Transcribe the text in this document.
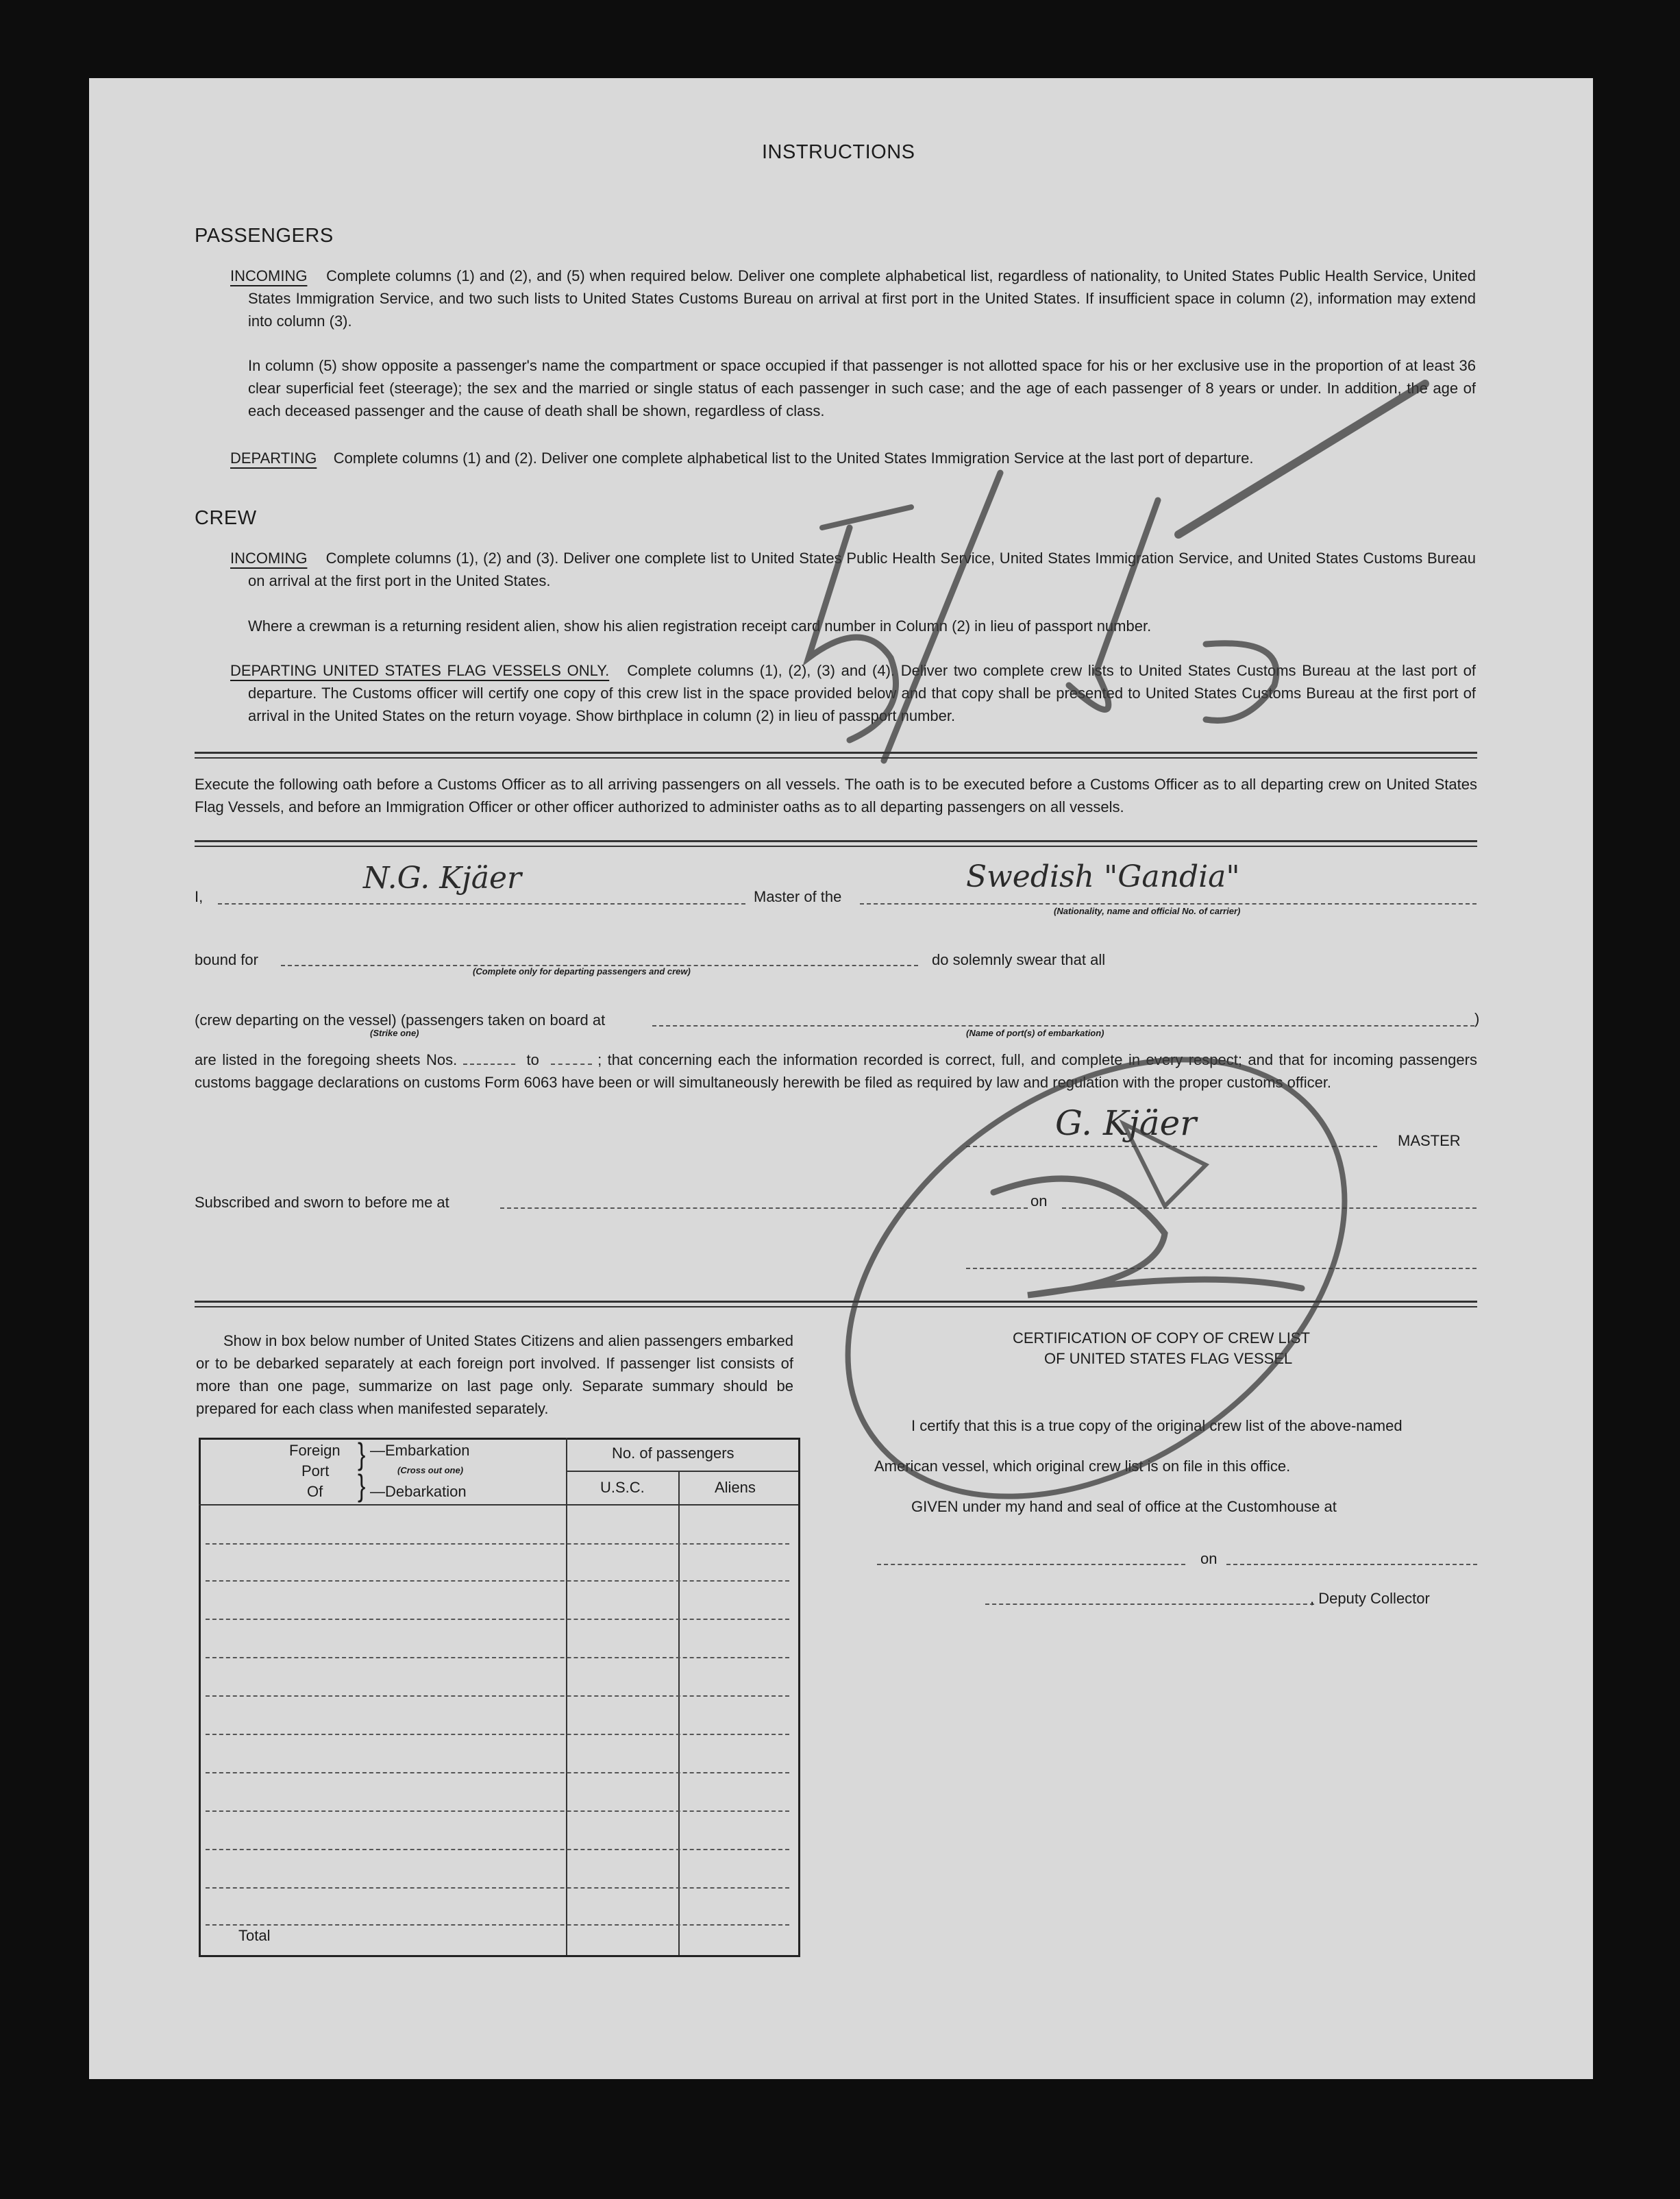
INSTRUCTIONS
PASSENGERS
INCOMING Complete columns (1) and (2), and (5) when required below. Deliver one complete alphabetical list, regardless of nationality, to United States Public Health Service, United States Immigration Service, and two such lists to United States Customs Bureau on arrival at first port in the United States. If insufficient space in column (2), information may extend into column (3).
In column (5) show opposite a passenger's name the compartment or space occupied if that passenger is not allotted space for his or her exclusive use in the proportion of at least 36 clear superficial feet (steerage); the sex and the married or single status of each passenger in such case; and the age of each passenger of 8 years or under. In addition, the age of each deceased passenger and the cause of death shall be shown, regardless of class.
DEPARTING Complete columns (1) and (2). Deliver one complete alphabetical list to the United States Immigration Service at the last port of departure.
CREW
INCOMING Complete columns (1), (2) and (3). Deliver one complete list to United States Public Health Service, United States Immigration Service, and United States Customs Bureau on arrival at the first port in the United States.
Where a crewman is a returning resident alien, show his alien registration receipt card number in Column (2) in lieu of passport number.
DEPARTING UNITED STATES FLAG VESSELS ONLY. Complete columns (1), (2), (3) and (4). Deliver two complete crew lists to United States Customs Bureau at the last port of departure. The Customs officer will certify one copy of this crew list in the space provided below and that copy shall be presented to United States Customs Bureau at the first port of arrival in the United States on the return voyage. Show birthplace in column (2) in lieu of passport number.
Execute the following oath before a Customs Officer as to all arriving passengers on all vessels. The oath is to be executed before a Customs Officer as to all departing crew on United States Flag Vessels, and before an Immigration Officer or other officer authorized to administer oaths as to all departing passengers on all vessels.
I,
N.G. Kjäer
Master of the
Swedish "Gandia"
(Nationality, name and official No. of carrier)
bound for
(Complete only for departing passengers and crew)
do solemnly swear that all
(crew departing on the vessel) (passengers taken on board at	)
(Strike one)	(Name of port(s) of embarkation)
are listed in the foregoing sheets Nos.	to	; that concerning each the information recorded is correct, full, and complete in every respect; and that for incoming passengers customs baggage declarations on customs Form 6063 have been or will simultaneously herewith be filed as required by law and regulation with the proper customs officer.
G. Kjäer	MASTER
Subscribed and sworn to before me at	on
Show in box below number of United States Citizens and alien passengers embarked or to be debarked separately at each foreign port involved. If passenger list consists of more than one page, summarize on last page only. Separate summary should be prepared for each class when manifested separately.
Foreign
Port
Of
}
}
—Embarkation
(Cross out one)
—Debarkation
No. of passengers
U.S.C.	Aliens
Total
CERTIFICATION OF COPY OF CREW LIST
OF UNITED STATES FLAG VESSEL
I certify that this is a true copy of the original crew list of the above-named
American vessel, which original crew list is on file in this office.
GIVEN under my hand and seal of office at the Customhouse at
on
, Deputy Collector
